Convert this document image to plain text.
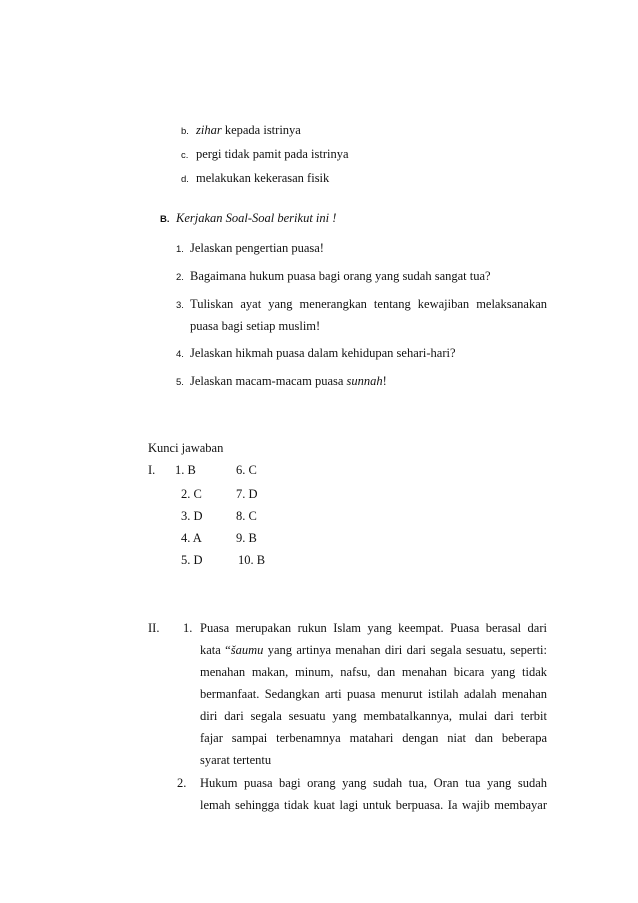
b. zihar kepada istrinya
c. pergi tidak pamit pada istrinya
d. melakukan kekerasan fisik
B. Kerjakan Soal-Soal berikut ini !
1. Jelaskan pengertian puasa!
2. Bagaimana hukum puasa bagi orang yang sudah sangat tua?
3. Tuliskan ayat yang menerangkan tentang kewajiban melaksanakan
puasa bagi setiap muslim!
4. Jelaskan hikmah puasa dalam kehidupan sehari-hari?
5. Jelaskan macam-macam puasa sunnah!
Kunci jawaban
I. 1. B
2. C
3. D
4. A
5. D
6. C
7. D
8. C
9. B
10. B
II. 1. Puasa merupakan rukun Islam yang keempat. Puasa berasal dari
kata “šaumu yang artinya menahan diri dari segala sesuatu, seperti:
menahan makan, minum, nafsu, dan menahan bicara yang tidak
bermanfaat. Sedangkan arti puasa menurut istilah adalah menahan
diri dari segala sesuatu yang membatalkannya, mulai dari terbit
fajar sampai terbenamnya matahari dengan niat dan beberapa
syarat tertentu
2. Hukum puasa bagi orang yang sudah tua, Oran tua yang sudah
lemah sehingga tidak kuat lagi untuk berpuasa. Ia wajib membayar
